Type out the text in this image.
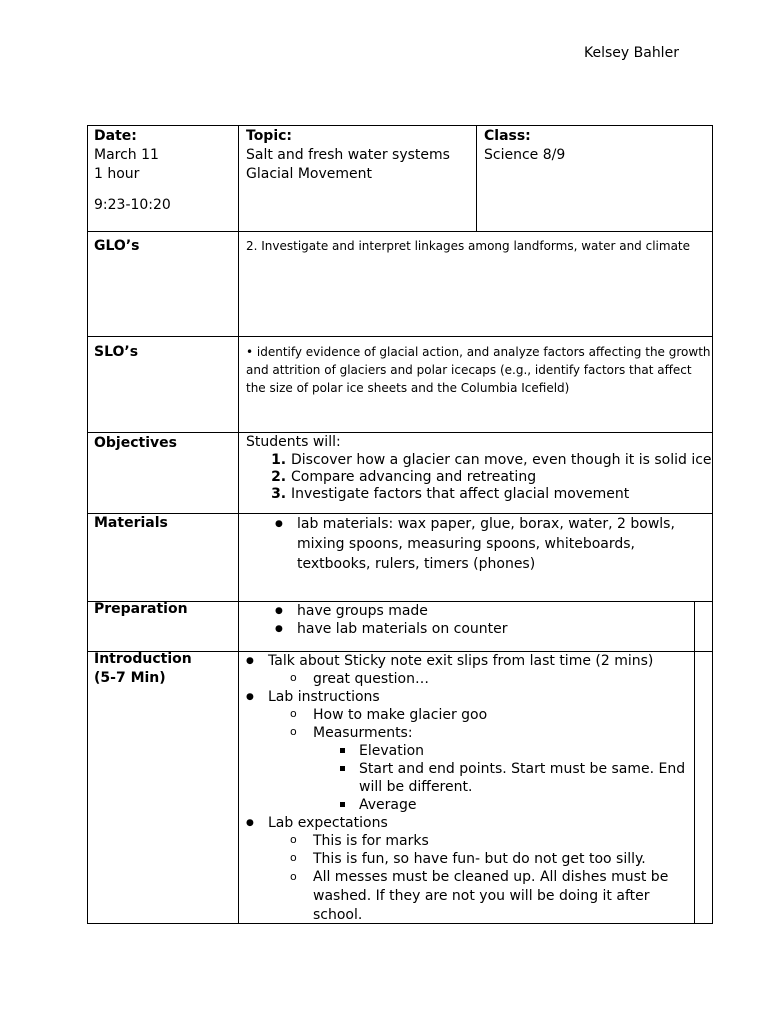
Kelsey Bahler
Date:
March 11
1 hour
9:23-10:20
Topic:
Salt and fresh water systems
Glacial Movement
Class:
Science 8/9
GLO’s	2. Investigate and interpret linkages among landforms, water and climate
SLO’s	• identify evidence of glacial action, and analyze factors affecting the growth and attrition of glaciers and polar icecaps (e.g., identify factors that affect the size of polar ice sheets and the Columbia Icefield)
Objectives	Students will:
1. Discover how a glacier can move, even though it is solid ice
2. Compare advancing and retreating
3. Investigate factors that affect glacial movement
Materials	● lab materials: wax paper, glue, borax, water, 2 bowls, mixing spoons, measuring spoons, whiteboards, textbooks, rulers, timers (phones)
Preparation	● have groups made
● have lab materials on counter
Introduction
(5-7 Min)
● Talk about Sticky note exit slips from last time (2 mins)
o great question…
● Lab instructions
o How to make glacier goo
o Measurments:
Elevation
Start and end points. Start must be same. End will be different.
Average
● Lab expectations
o This is for marks
o This is fun, so have fun- but do not get too silly.
o All messes must be cleaned up. All dishes must be washed. If they are not you will be doing it after school.
